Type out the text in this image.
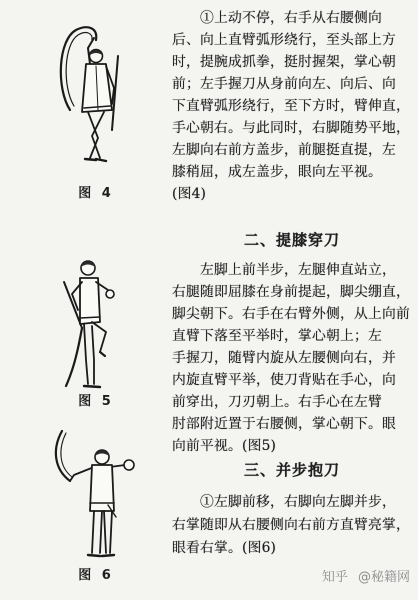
图 4
图 5
图 6
①上动不停，右手从右腰侧向
后、向上直臂弧形绕行，至头部上方
时，提腕成抓拳，挺肘握架，掌心朝
前；左手握刀从身前向左、向后、向
下直臂弧形绕行，至下方时，臂伸直，
手心朝右。与此同时，右脚随势平地，
左脚向右前方盖步，前腿挺直提，左
膝稍屈，成左盖步，眼向左平视。
(图4)
二、提膝穿刀
左脚上前半步，左腿伸直站立，
右腿随即屈膝在身前提起，脚尖绷直，
脚尖朝下。右手在右臂外侧，从上向前
直臂下落至平举时，掌心朝上；左
手握刀，随臂内旋从左腰侧向右，并
内旋直臂平举，使刀背贴在手心，向
前穿出，刀刃朝上。右手心在左臂
肘部附近置于右腰侧，掌心朝下。眼
向前平视。(图5)
三、并步抱刀
①左脚前移，右脚向左脚并步，
右掌随即从右腰侧向右前方直臂亮掌，
眼看右掌。(图6)
知乎 @秘籍网
